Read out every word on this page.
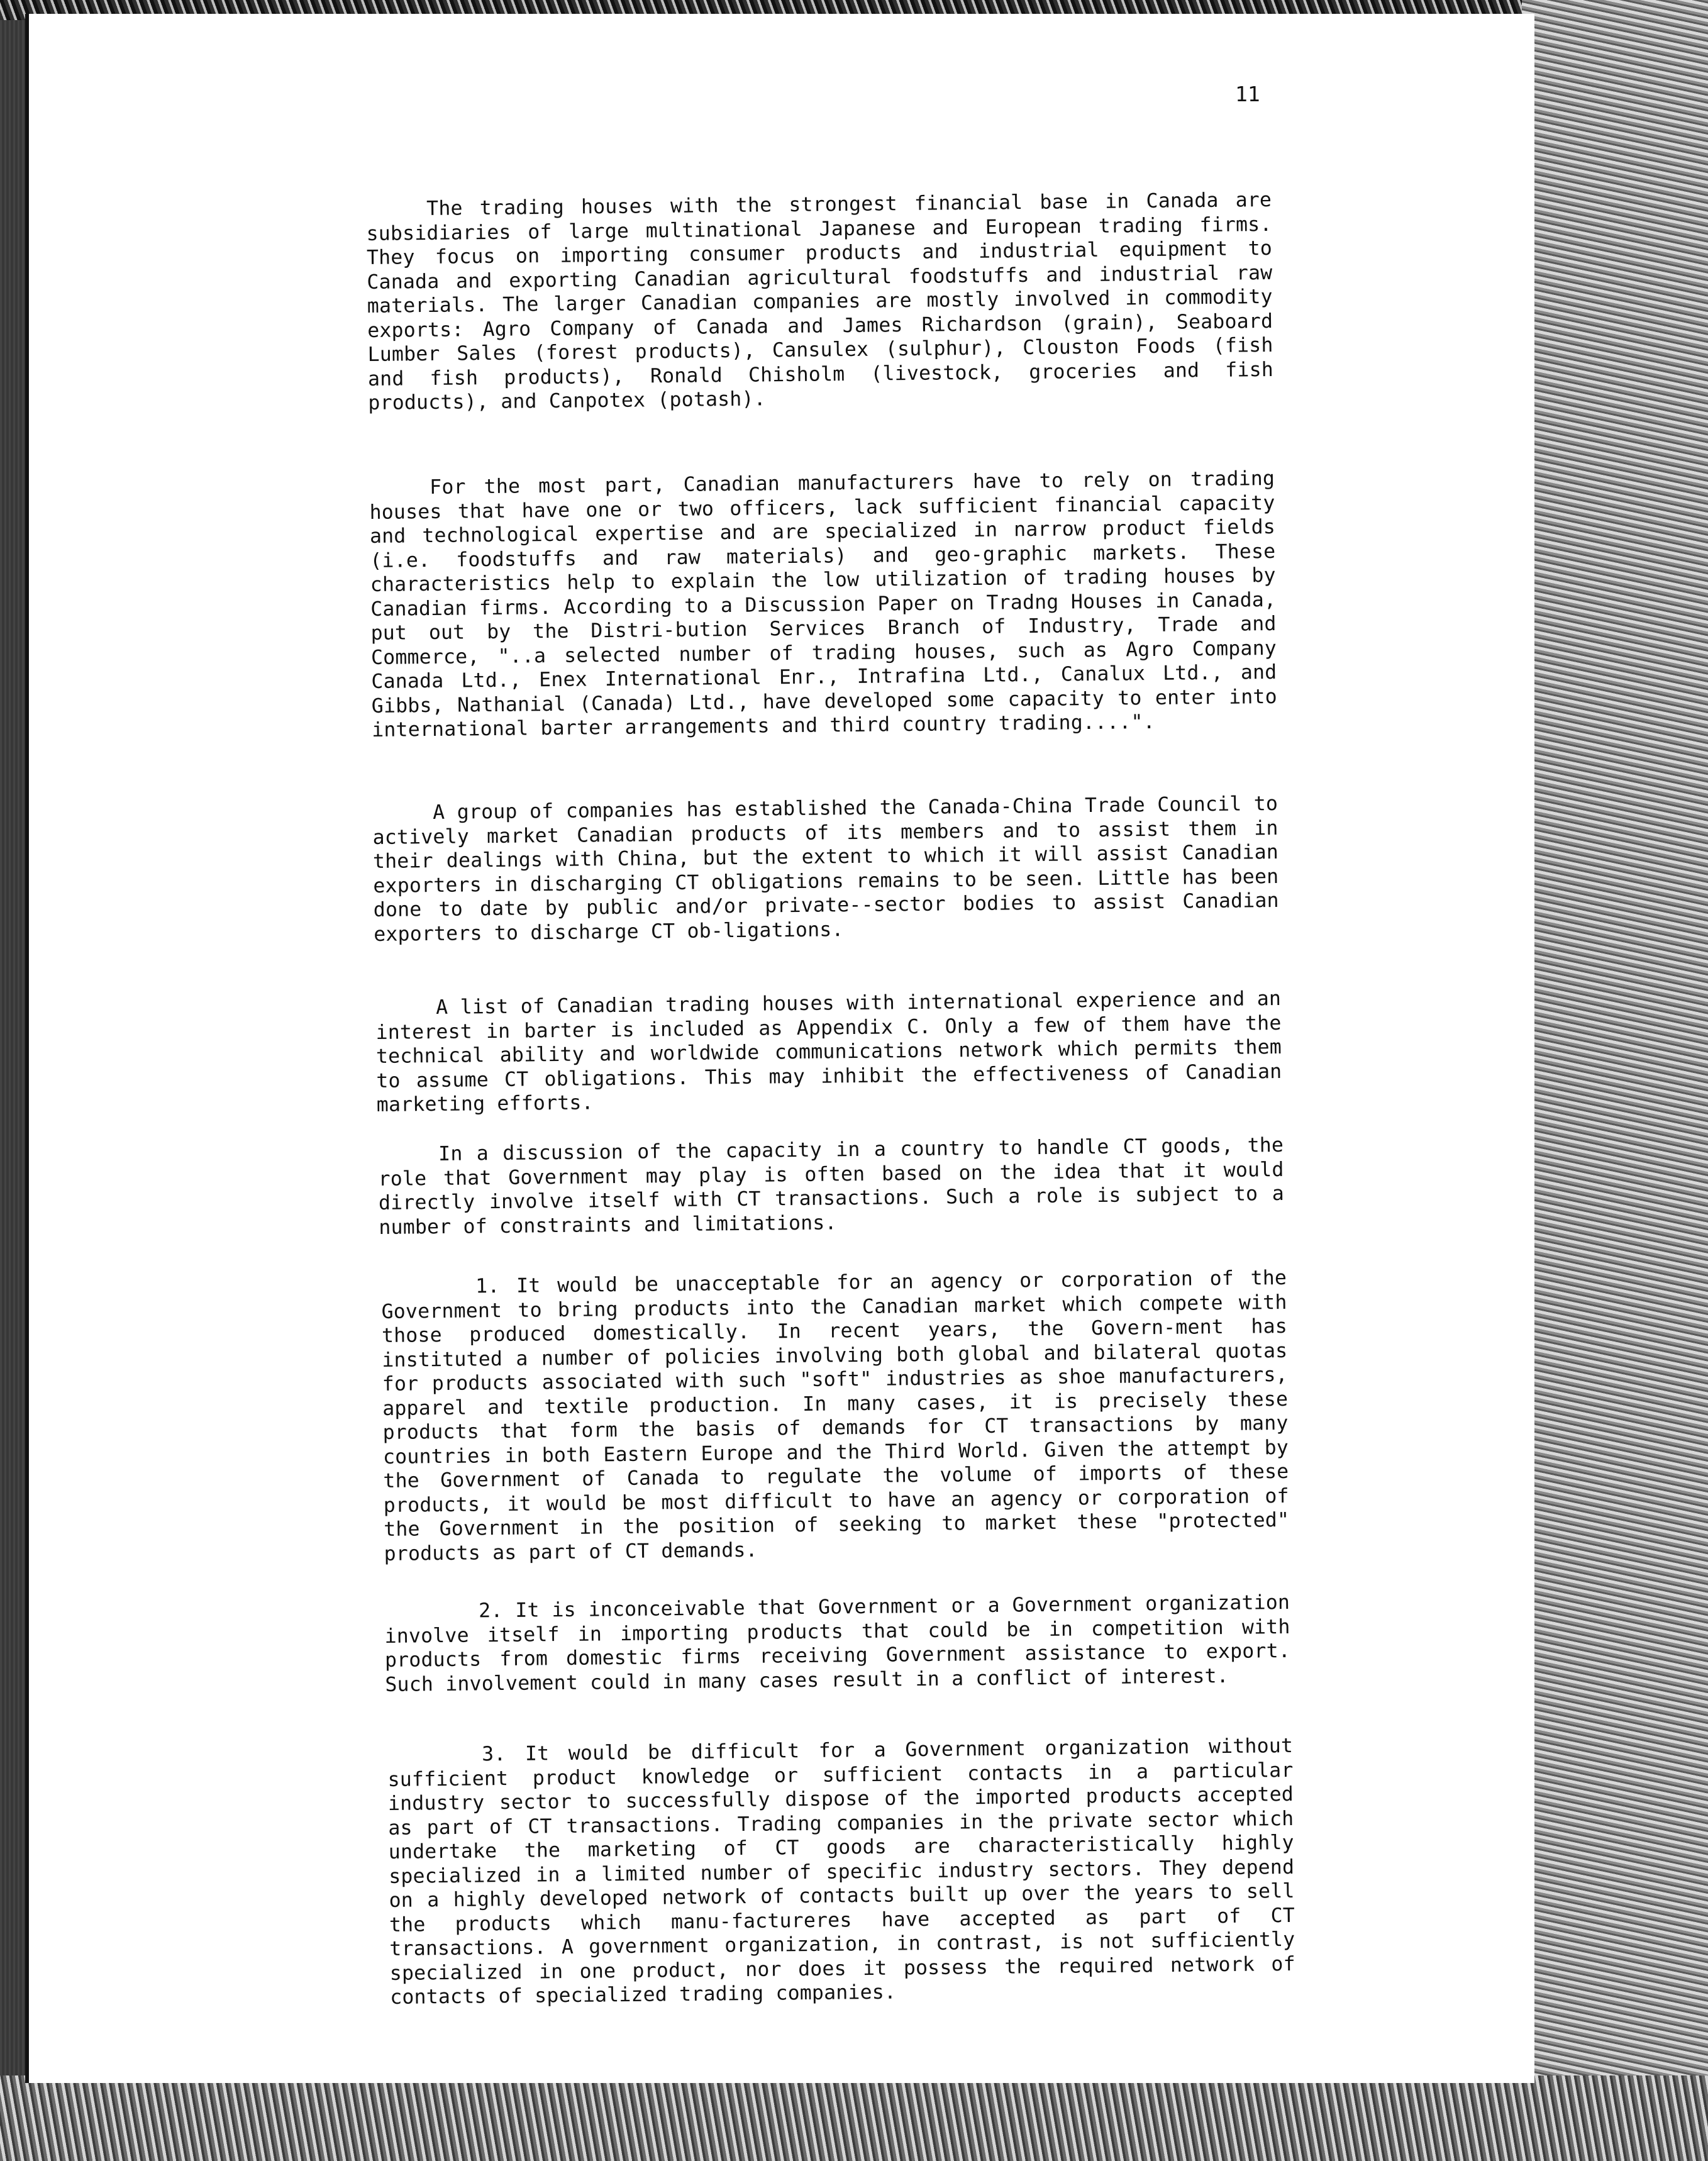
11

The trading houses with the strongest financial base in Canada are subsidiaries of large multinational Japanese and European trading firms. They focus on importing consumer products and industrial equipment to Canada and exporting Canadian agricultural foodstuffs and industrial raw materials. The larger Canadian companies are mostly involved in commodity exports: Agro Company of Canada and James Richardson (grain), Seaboard Lumber Sales (forest products), Cansulex (sulphur), Clouston Foods (fish and fish products), Ronald Chisholm (livestock, groceries and fish products), and Canpotex (potash).

For the most part, Canadian manufacturers have to rely on trading houses that have one or two officers, lack sufficient financial capacity and technological expertise and are specialized in narrow product fields (i.e. foodstuffs and raw materials) and geo-graphic markets. These characteristics help to explain the low utilization of trading houses by Canadian firms. According to a Discussion Paper on Tradng Houses in Canada, put out by the Distri-bution Services Branch of Industry, Trade and Commerce, "..a selected number of trading houses, such as Agro Company Canada Ltd., Enex International Enr., Intrafina Ltd., Canalux Ltd., and Gibbs, Nathanial (Canada) Ltd., have developed some capacity to enter into international barter arrangements and third country trading....".

A group of companies has established the Canada-China Trade Council to actively market Canadian products of its members and to assist them in their dealings with China, but the extent to which it will assist Canadian exporters in discharging CT obligations remains to be seen. Little has been done to date by public and/or private--sector bodies to assist Canadian exporters to discharge CT ob-ligations.

A list of Canadian trading houses with international experience and an interest in barter is included as Appendix C. Only a few of them have the technical ability and worldwide communications network which permits them to assume CT obligations. This may inhibit the effectiveness of Canadian marketing efforts.

In a discussion of the capacity in a country to handle CT goods, the role that Government may play is often based on the idea that it would directly involve itself with CT transactions. Such a role is subject to a number of constraints and limitations.

1. It would be unacceptable for an agency or corporation of the Government to bring products into the Canadian market which compete with those produced domestically. In recent years, the Govern-ment has instituted a number of policies involving both global and bilateral quotas for products associated with such "soft" industries as shoe manufacturers, apparel and textile production. In many cases, it is precisely these products that form the basis of demands for CT transactions by many countries in both Eastern Europe and the Third World. Given the attempt by the Government of Canada to regulate the volume of imports of these products, it would be most difficult to have an agency or corporation of the Government in the position of seeking to market these "protected" products as part of CT demands.

2. It is inconceivable that Government or a Government organization involve itself in importing products that could be in competition with products from domestic firms receiving Government assistance to export. Such involvement could in many cases result in a conflict of interest.

3. It would be difficult for a Government organization without sufficient product knowledge or sufficient contacts in a particular industry sector to successfully dispose of the imported products accepted as part of CT transactions. Trading companies in the private sector which undertake the marketing of CT goods are characteristically highly specialized in a limited number of specific industry sectors. They depend on a highly developed network of contacts built up over the years to sell the products which manu-factureres have accepted as part of CT transactions. A government organization, in contrast, is not sufficiently specialized in one product, nor does it possess the required network of contacts of specialized trading companies.
